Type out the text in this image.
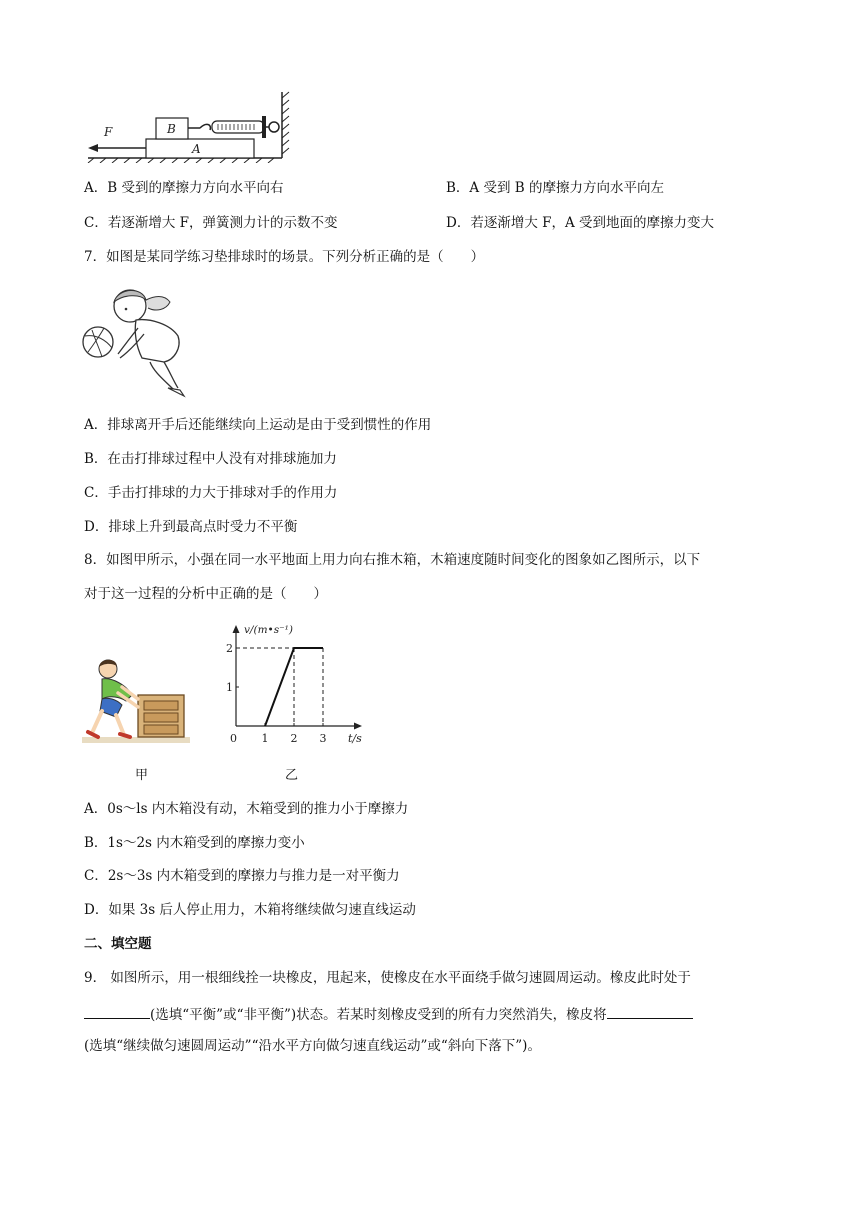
A
B
F
A．B 受到的摩擦力方向水平向右	B．A 受到 B 的摩擦力方向水平向左
C．若逐渐增大 F，弹簧测力计的示数不变	D．若逐渐增大 F，A 受到地面的摩擦力变大
7．如图是某同学练习垫排球时的场景。下列分析正确的是（　　）
A．排球离开手后还能继续向上运动是由于受到惯性的作用
B．在击打排球过程中人没有对排球施加力
C．手击打排球的力大于排球对手的作用力
D．排球上升到最高点时受力不平衡
8．如图甲所示，小强在同一水平地面上用力向右推木箱，木箱速度随时间变化的图象如乙图所示，以下
对于这一过程的分析中正确的是（　　）
v/(m•s⁻¹)
t/s
0 1 2 3
1
2
甲	乙
A．0s～ls 内木箱没有动，木箱受到的推力小于摩擦力
B．1s～2s 内木箱受到的摩擦力变小
C．2s～3s 内木箱受到的摩擦力与推力是一对平衡力
D．如果 3s 后人停止用力，木箱将继续做匀速直线运动
二、填空题
9． 如图所示，用一根细线拴一块橡皮，甩起来，使橡皮在水平面绕手做匀速圆周运动。橡皮此时处于
(选填“平衡”或“非平衡”)状态。若某时刻橡皮受到的所有力突然消失，橡皮将
(选填“继续做匀速圆周运动”“沿水平方向做匀速直线运动”或“斜向下落下”)。
